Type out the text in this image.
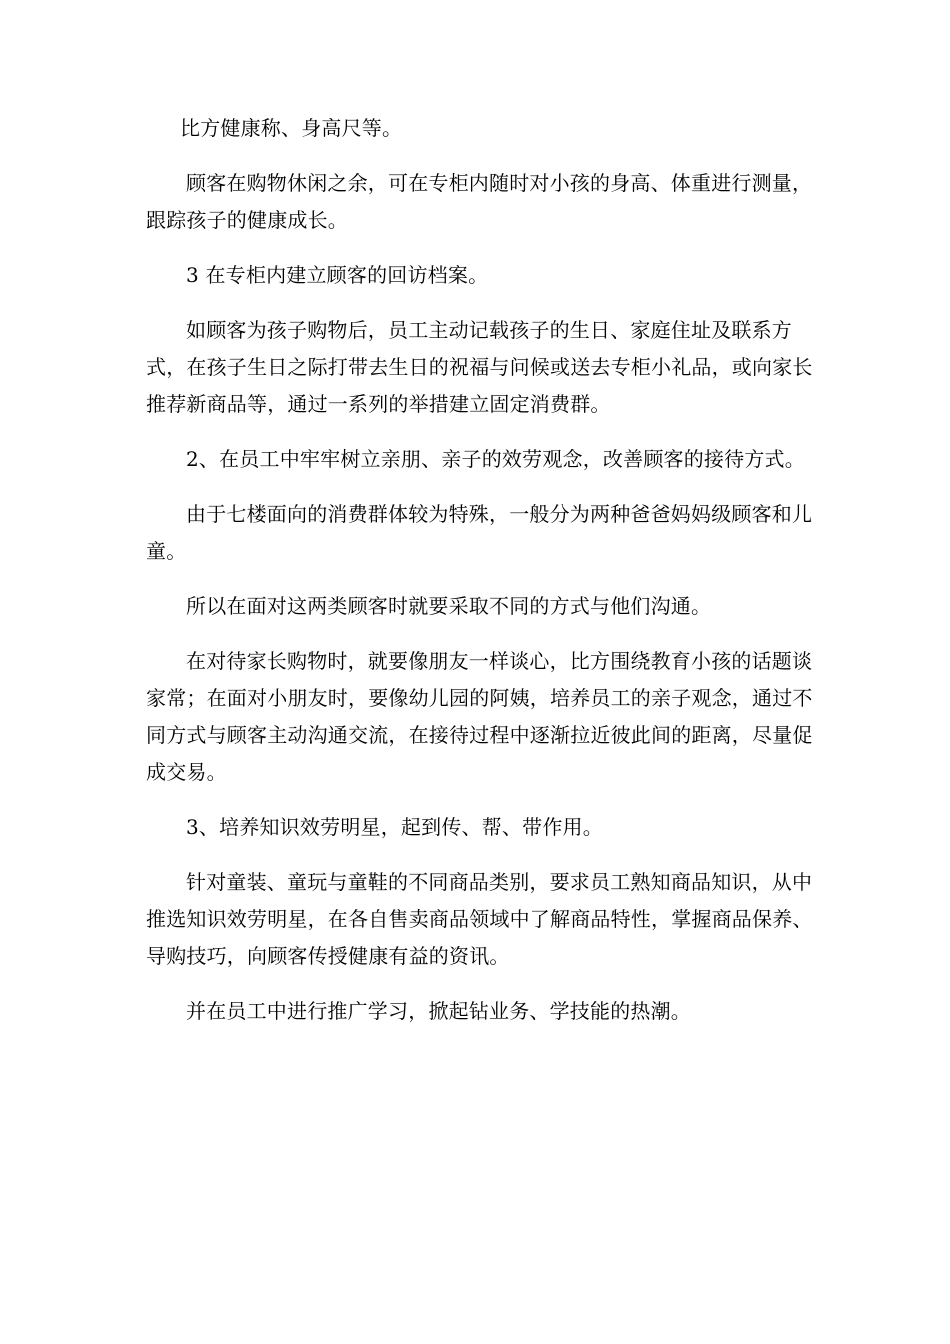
比方健康称、身高尺等。

顾客在购物休闲之余，可在专柜内随时对小孩的身高、体重进行测量，跟踪孩子的健康成长。

3 在专柜内建立顾客的回访档案。

如顾客为孩子购物后，员工主动记载孩子的生日、家庭住址及联系方式，在孩子生日之际打带去生日的祝福与问候或送去专柜小礼品，或向家长推荐新商品等，通过一系列的举措建立固定消费群。

2、在员工中牢牢树立亲朋、亲子的效劳观念，改善顾客的接待方式。

由于七楼面向的消费群体较为特殊，一般分为两种爸爸妈妈级顾客和儿童。

所以在面对这两类顾客时就要采取不同的方式与他们沟通。

在对待家长购物时，就要像朋友一样谈心，比方围绕教育小孩的话题谈家常；在面对小朋友时，要像幼儿园的阿姨，培养员工的亲子观念，通过不同方式与顾客主动沟通交流，在接待过程中逐渐拉近彼此间的距离，尽量促成交易。

3、培养知识效劳明星，起到传、帮、带作用。

针对童装、童玩与童鞋的不同商品类别，要求员工熟知商品知识，从中推选知识效劳明星，在各自售卖商品领域中了解商品特性，掌握商品保养、导购技巧，向顾客传授健康有益的资讯。

并在员工中进行推广学习，掀起钻业务、学技能的热潮。
